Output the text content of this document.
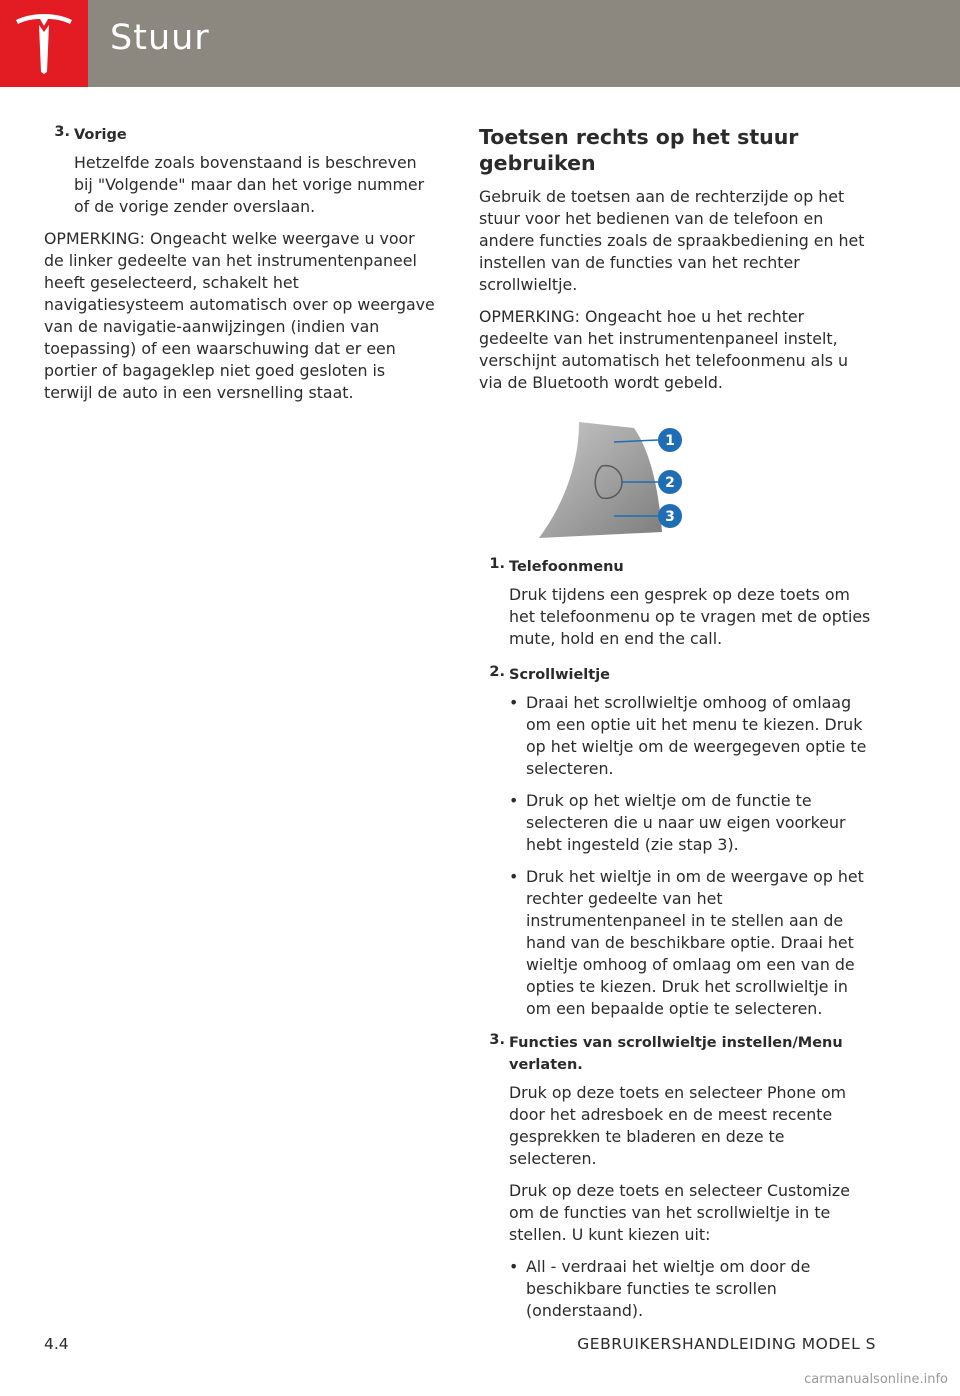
Stuur
3. Vorige

Hetzelfde zoals bovenstaand is beschreven bij "Volgende" maar dan het vorige nummer of de vorige zender overslaan.

OPMERKING: Ongeacht welke weergave u voor de linker gedeelte van het instrumentenpaneel heeft geselecteerd, schakelt het navigatiesysteem automatisch over op weergave van de navigatie-aanwijzingen (indien van toepassing) of een waarschuwing dat er een portier of bagageklep niet goed gesloten is terwijl de auto in een versnelling staat.

Toetsen rechts op het stuur gebruiken

Gebruik de toetsen aan de rechterzijde op het stuur voor het bedienen van de telefoon en andere functies zoals de spraakbediening en het instellen van de functies van het rechter scrollwieltje.

OPMERKING: Ongeacht hoe u het rechter gedeelte van het instrumentenpaneel instelt, verschijnt automatisch het telefoonmenu als u via de Bluetooth wordt gebeld.

1
2
3
1. Telefoonmenu

Druk tijdens een gesprek op deze toets om het telefoonmenu op te vragen met de opties mute, hold en end the call.

2. Scrollwieltje
• Draai het scrollwieltje omhoog of omlaag om een optie uit het menu te kiezen. Druk op het wieltje om de weergegeven optie te selecteren.
• Druk op het wieltje om de functie te selecteren die u naar uw eigen voorkeur hebt ingesteld (zie stap 3).
• Druk het wieltje in om de weergave op het rechter gedeelte van het instrumentenpaneel in te stellen aan de hand van de beschikbare optie. Draai het wieltje omhoog of omlaag om een van de opties te kiezen. Druk het scrollwieltje in om een bepaalde optie te selecteren.
3. Functies van scrollwieltje instellen/Menu verlaten.

Druk op deze toets en selecteer Phone om door het adresboek en de meest recente gesprekken te bladeren en deze te selecteren.

Druk op deze toets en selecteer Customize om de functies van het scrollwieltje in te stellen. U kunt kiezen uit:

• All - verdraai het wieltje om door de beschikbare functies te scrollen (onderstaand).
4.4	GEBRUIKERSHANDLEIDING MODEL S
carmanualsonline.info
